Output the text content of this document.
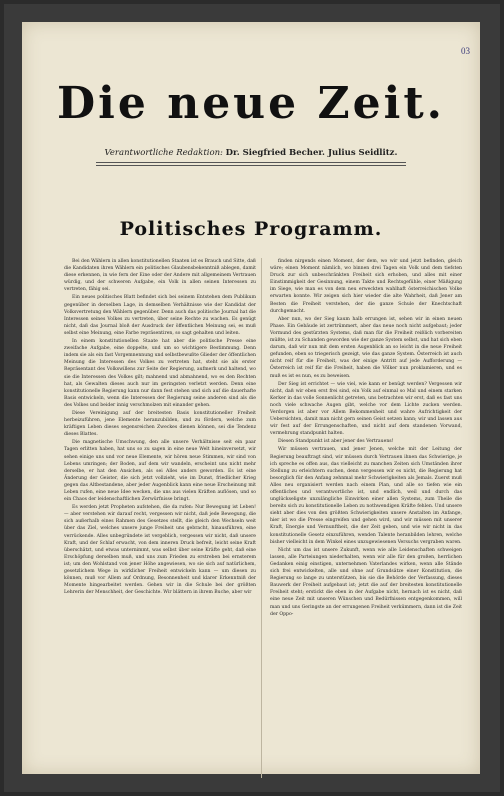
03
Die neue Zeit.
Verantwortliche Redaktion: Dr. Siegfried Becher. Julius Seidlitz.
Politisches Programm.

Bei den Wählern in allen konstitutionellen Staaten ist es Brauch und Sitte, daß die Kandidaten ihren Wählern ein politisches Glaubensbekenntniß ablegen, damit diese erkennen, in wie fern der Eine oder der Andere mit allgemeinem Vertrauen würdig, und der schweren Aufgabe, ein Volk in allen seinen Interessen zu vertreten, fähig sei.

Ein neues politisches Blatt befindet sich bei seinem Entstehen dem Publikum gegenüber in derselben Lage, in demselben Verhältnisse wie der Kandidat der Volksvertretung den Wählern gegenüber. Denn auch das politische Journal hat die Interessen seines Volkes zu vertreten, über seine Rechte zu wachen. Es genügt nicht, daß das Journal bloß der Ausdruck der öffentlichen Meinung sei, es muß selbst eine Meinung, eine Farbe repräsentiren, so sagt gehalten und leiten.

In einem konstitutionellen Staate hat aber die politische Presse eine zweifache Aufgabe, eine doppelte, und um so wichtigere Bestimmung. Denn indem sie als ein fast Vorgemnennung und selbstbewußte Glieder der öffentlichen Meinung die Interessen des Volkes zu vertreten hat, steht sie als erster Repräsentant des Volkswillens zur Seite der Regierung, aufmerk und haltend, wo sie die Interessen des Volkes gilt; mahnend und abmahnend, wo es den Rechten hat, als Gewalten dieses auch nur im geringsten verletzt werden. Denn eine konstitutionelle Regierung kann nur dann fest stehen und sich auf die dauerhafte Basis entwickeln, wenn die Interessen der Regierung seine anderen sind als die des Volkes und beider innig verschmolzen mit einander gehen.

Diese Vereinigung auf der breitesten Basis konstitutioneller Freiheit herbeizuführen, jene Elemente heranzubilden, und zu fördern, welche zum kräftigen Leben dieses segensreichen Zweckes dienen können, sei die Tendenz dieses Blattes.

Die magnetische Umschwung, den alle unsere Verhältnisse seit ein paar Tagen erlitten haben, hat uns so zu sagen in eine neue Welt hineinversetzt, wir sehen einige uns und vor neue Elemente, wir hören neue Stimmen, wir sind von Lebens umringen; der Boden, auf dem wir wandeln, erscheint uns nicht mehr derselbe, er hat den Ansichen, als sei Alles anders geworden. Es ist eine Änderung der Geister, die sich jetzt vollzieht, wie im Dunst, friedlicher Krieg gegen das Altbestandene, aber jeder Augenblick kann eine neue Erscheinung mit Leben rufen, eine neue Idee wecken, die uns aus vielen Kräften auflösen, und so ein Chaos der leidenschaftlichen Zerwürfnisse bringt.

Es werden jetzt Propheten aufstehen, die da rufen: Nur Bewegung ist Leben! — aber verstehen wir darauf recht, vergessen wir nicht, daß jede Bewegung, die sich außerhalb eines Rahmen des Gesetzes stellt, die gleich den Wechseln weit über das Ziel, welches unsere junge Freiheit uns gebracht, hinausführen, eine verrückende. Alles unbegründete ist vergeblich, vergessen wir nicht, daß unsere Kraft, und der Schlaf erwacht, von dem inneren Druck befreit, leicht seine Kraft überschätzt, und etwas unternimmt, was selbst über seine Kräfte geht, daß eine Erschöpfung derselben muß, und uns zum Frieden zu erstreben bei ernsterem ist; um den Wohlstand von jener Höhe angewiesen, wo sie sich auf natürlichem, gesetzlichem Wege in wirklicher Freiheit entwickeln kann — um diesen zu können, muß vor Allem auf Ordnung, Besonnenheit und klarer Erkenntniß der Momente hingearbeitet werden. Gehen wir in die Schule bei der größten Lehrerin der Menschheit, der Geschichte. Wir blättern in ihrem Buche, aber wir

finden nirgends einen Moment, der dem, wo wir und jetzt befinden, gleich wäre; einen Moment nämlich, wo binnen drei Tagen ein Volk und dem tiefsten Druck zur sich unbeschränkten Freiheit sich erhoben, und alles mit einer Einstimmigkeit der Gesinnung, einem Takte und Rechtsgefühle, einer Mäßigung im Siege, wie man es von dem neu erweckten wahlhaft österreichischen Volke erwarten konnte. Wir zeigen sich hier wieder die alte Wahrheit, daß Jener am Besten die Freiheit verstehen, der die ganze Schule der Knechtschaft durchgemacht.

Aber nun, wo der Sieg kaum halb errungen ist, sehen wir in einen neuen Phase. Ein Gebäude ist zertrümmert, aber das neue noch nicht aufgebaut; jeder Vormund des gestürzten Systems, daß man für die Freiheit reißlich vorbereiten müßte, ist zu Schanden geworden wie der ganze System selbst, und hat sich eben darum, daß wir nun mit dem ersten Augenblick an so leicht in die neue Freiheit gefunden, eben so triegerisch gezeigt, wie das ganze System. Österreich ist auch nicht reif für die Freiheit, was der einige Antritt auf jede Aufforderung — Österreich ist reif für die Freiheit, haben die Völker nun proklamieren, und es muß es ist es nun, es zu beweisen.

Der Sieg ist errichtet — wie viel, wie kann er benügt werden? Vergessen wir nicht, daß wir eben erst frei sind, ein Volk auf einmal so Mal und einem starken Kerker in das volle Sonnenlicht getreten, uns betrachten wir erst, daß es fast uns noch viele schwache Augen gibt, welche vor dem Lichte zucken werden. Verdorgen ist aber vor Allem Bekommenheit und wahre Aufrichtigkeit der Uebersichten, damit man nicht gern seinen Geist setzen kann; wir und lassen aus wir fest auf der Errungenschaften, und nicht auf dem standenen Vorwand, vermehrung standpunkt halten.

Diesen Standpunkt ist aber jener des Vertrauens!

Wir müssen vertrauen, und jener Jenen, welche mit der Leitung der Regierung beauftragt sind, wir müssen durch Vertrauen ihnen das Schwierige, je ich spreche es offen aus, das vielleicht zu manchen Zeiten sich Umständen ihrer Stellung zu erleichtern suchen, denn vergessen wir es nicht, die Regierung hat besorglich für den Anfang zehnmal mehr Schwierigkeiten als Jemals. Zuerst muß Alles neu organisiert werden nach einem Plan, und alle so tiefen wie ein offentliches und verantwortliche ist, und endlich, weil und durch das unglückseligste unzulängliche Einwirken einer allen Systems, zum Theile die bereits sich zu konstitutionelle Leben zu nothwendigen Kräfte fehlen. Und unsere sieht aber dies von den größten Schwierigkeiten unsere Anstalten im Anfange, hier ist wo die Presse eingreifen und gehen wird, und wir müssen mit unserer Kraft, Energie und Vernunftheit, die der Zeit geben, und wie wir nicht in das konstitutionelle Gesetz einzuführen, wenden Talente heranbilden lehren, welche bisher vielleicht in dem Winkel eines unzugewiesenen Versuchs vergraben waren.

Nicht um das ist unsere Zukunft, wenn wie alle Leidenschaften schweigen lassen, alle Parteiungen niederhalten, wenn wir alle für den großen, herrlichen Gedanken einig einstigen, unternehmen Vaterlandes wirken, wenn alle Stände sich frei entwickelten, alle und ohne auf Grundsätze einer Konstitution, die Regierung so lange zu unterstützen, bis sie die Behörde der Verfassung, dieses Bauwerk der Freiheit aufgebaut ist; jetzt die auf der breitesten konstitutionelle Freiheit steht; erstickt die eben in der Aufgabe nicht, hernach ist es nicht, daß eine neue Zeit mit unseren Wünschen und Bedürfnissen entgegenkommen, will man und uns Geringste an der errungenen Freiheit verkümmern, dann ist die Zeit der Oppo-
